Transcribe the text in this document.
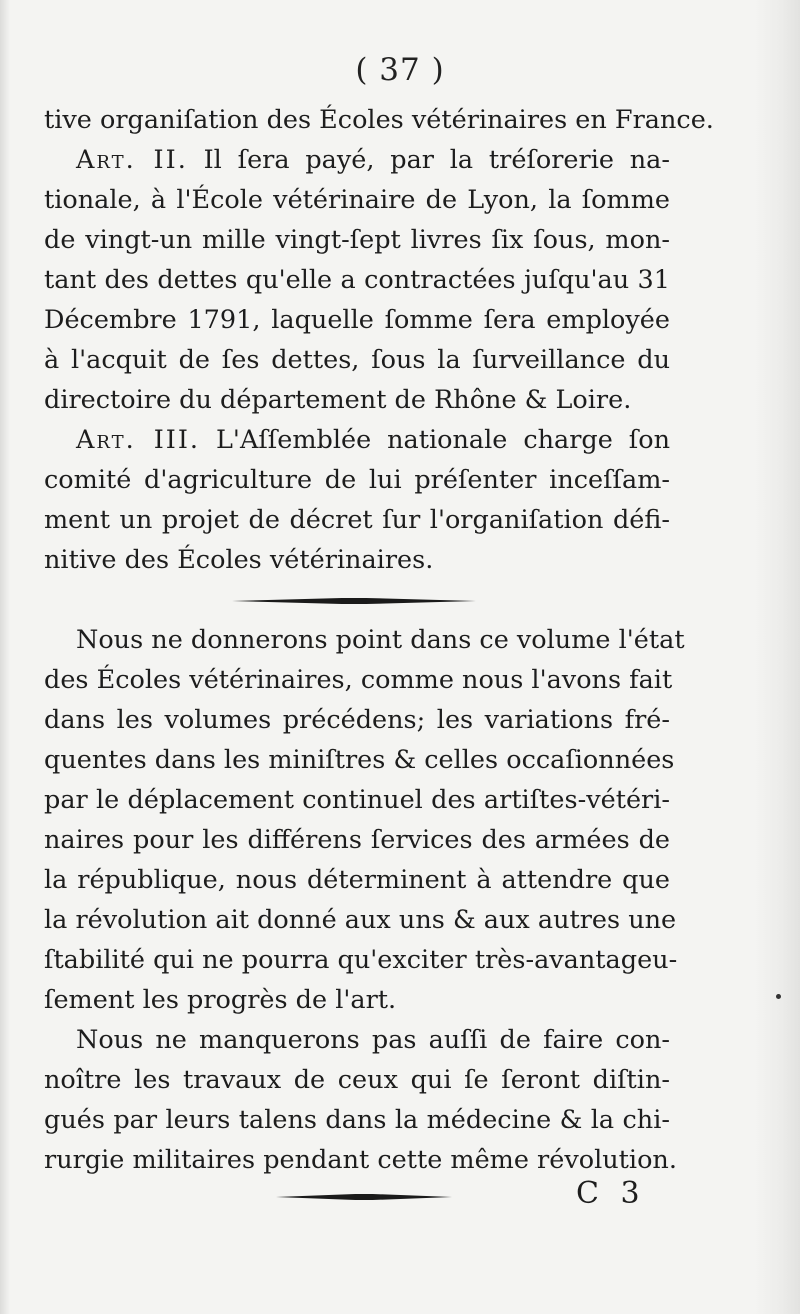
( 37 )
tive organiſation des Écoles vétérinaires en France.
Art. II. Il ſera payé, par la tréſorerie na-
tionale, à l'École vétérinaire de Lyon, la ſomme
de vingt-un mille vingt-ſept livres ſix ſous, mon-
tant des dettes qu'elle a contractées juſqu'au 31
Décembre 1791, laquelle ſomme ſera employée
à l'acquit de ſes dettes, ſous la ſurveillance du
directoire du département de Rhône & Loire.
Art. III. L'Aſſemblée nationale charge ſon
comité d'agriculture de lui préſenter inceſſam-
ment un projet de décret ſur l'organiſation défi-
nitive des Écoles vétérinaires.
Nous ne donnerons point dans ce volume l'état
des Écoles vétérinaires, comme nous l'avons fait
dans les volumes précédens; les variations fré-
quentes dans les miniſtres & celles occaſionnées
par le déplacement continuel des artiſtes-vétéri-
naires pour les différens ſervices des armées de
la république, nous déterminent à attendre que
la révolution ait donné aux uns & aux autres une
ſtabilité qui ne pourra qu'exciter très-avantageu-
ſement les progrès de l'art.
Nous ne manquerons pas auſſi de faire con-
noître les travaux de ceux qui ſe ſeront diſtin-
gués par leurs talens dans la médecine & la chi-
rurgie militaires pendant cette même révolution.
C 3
